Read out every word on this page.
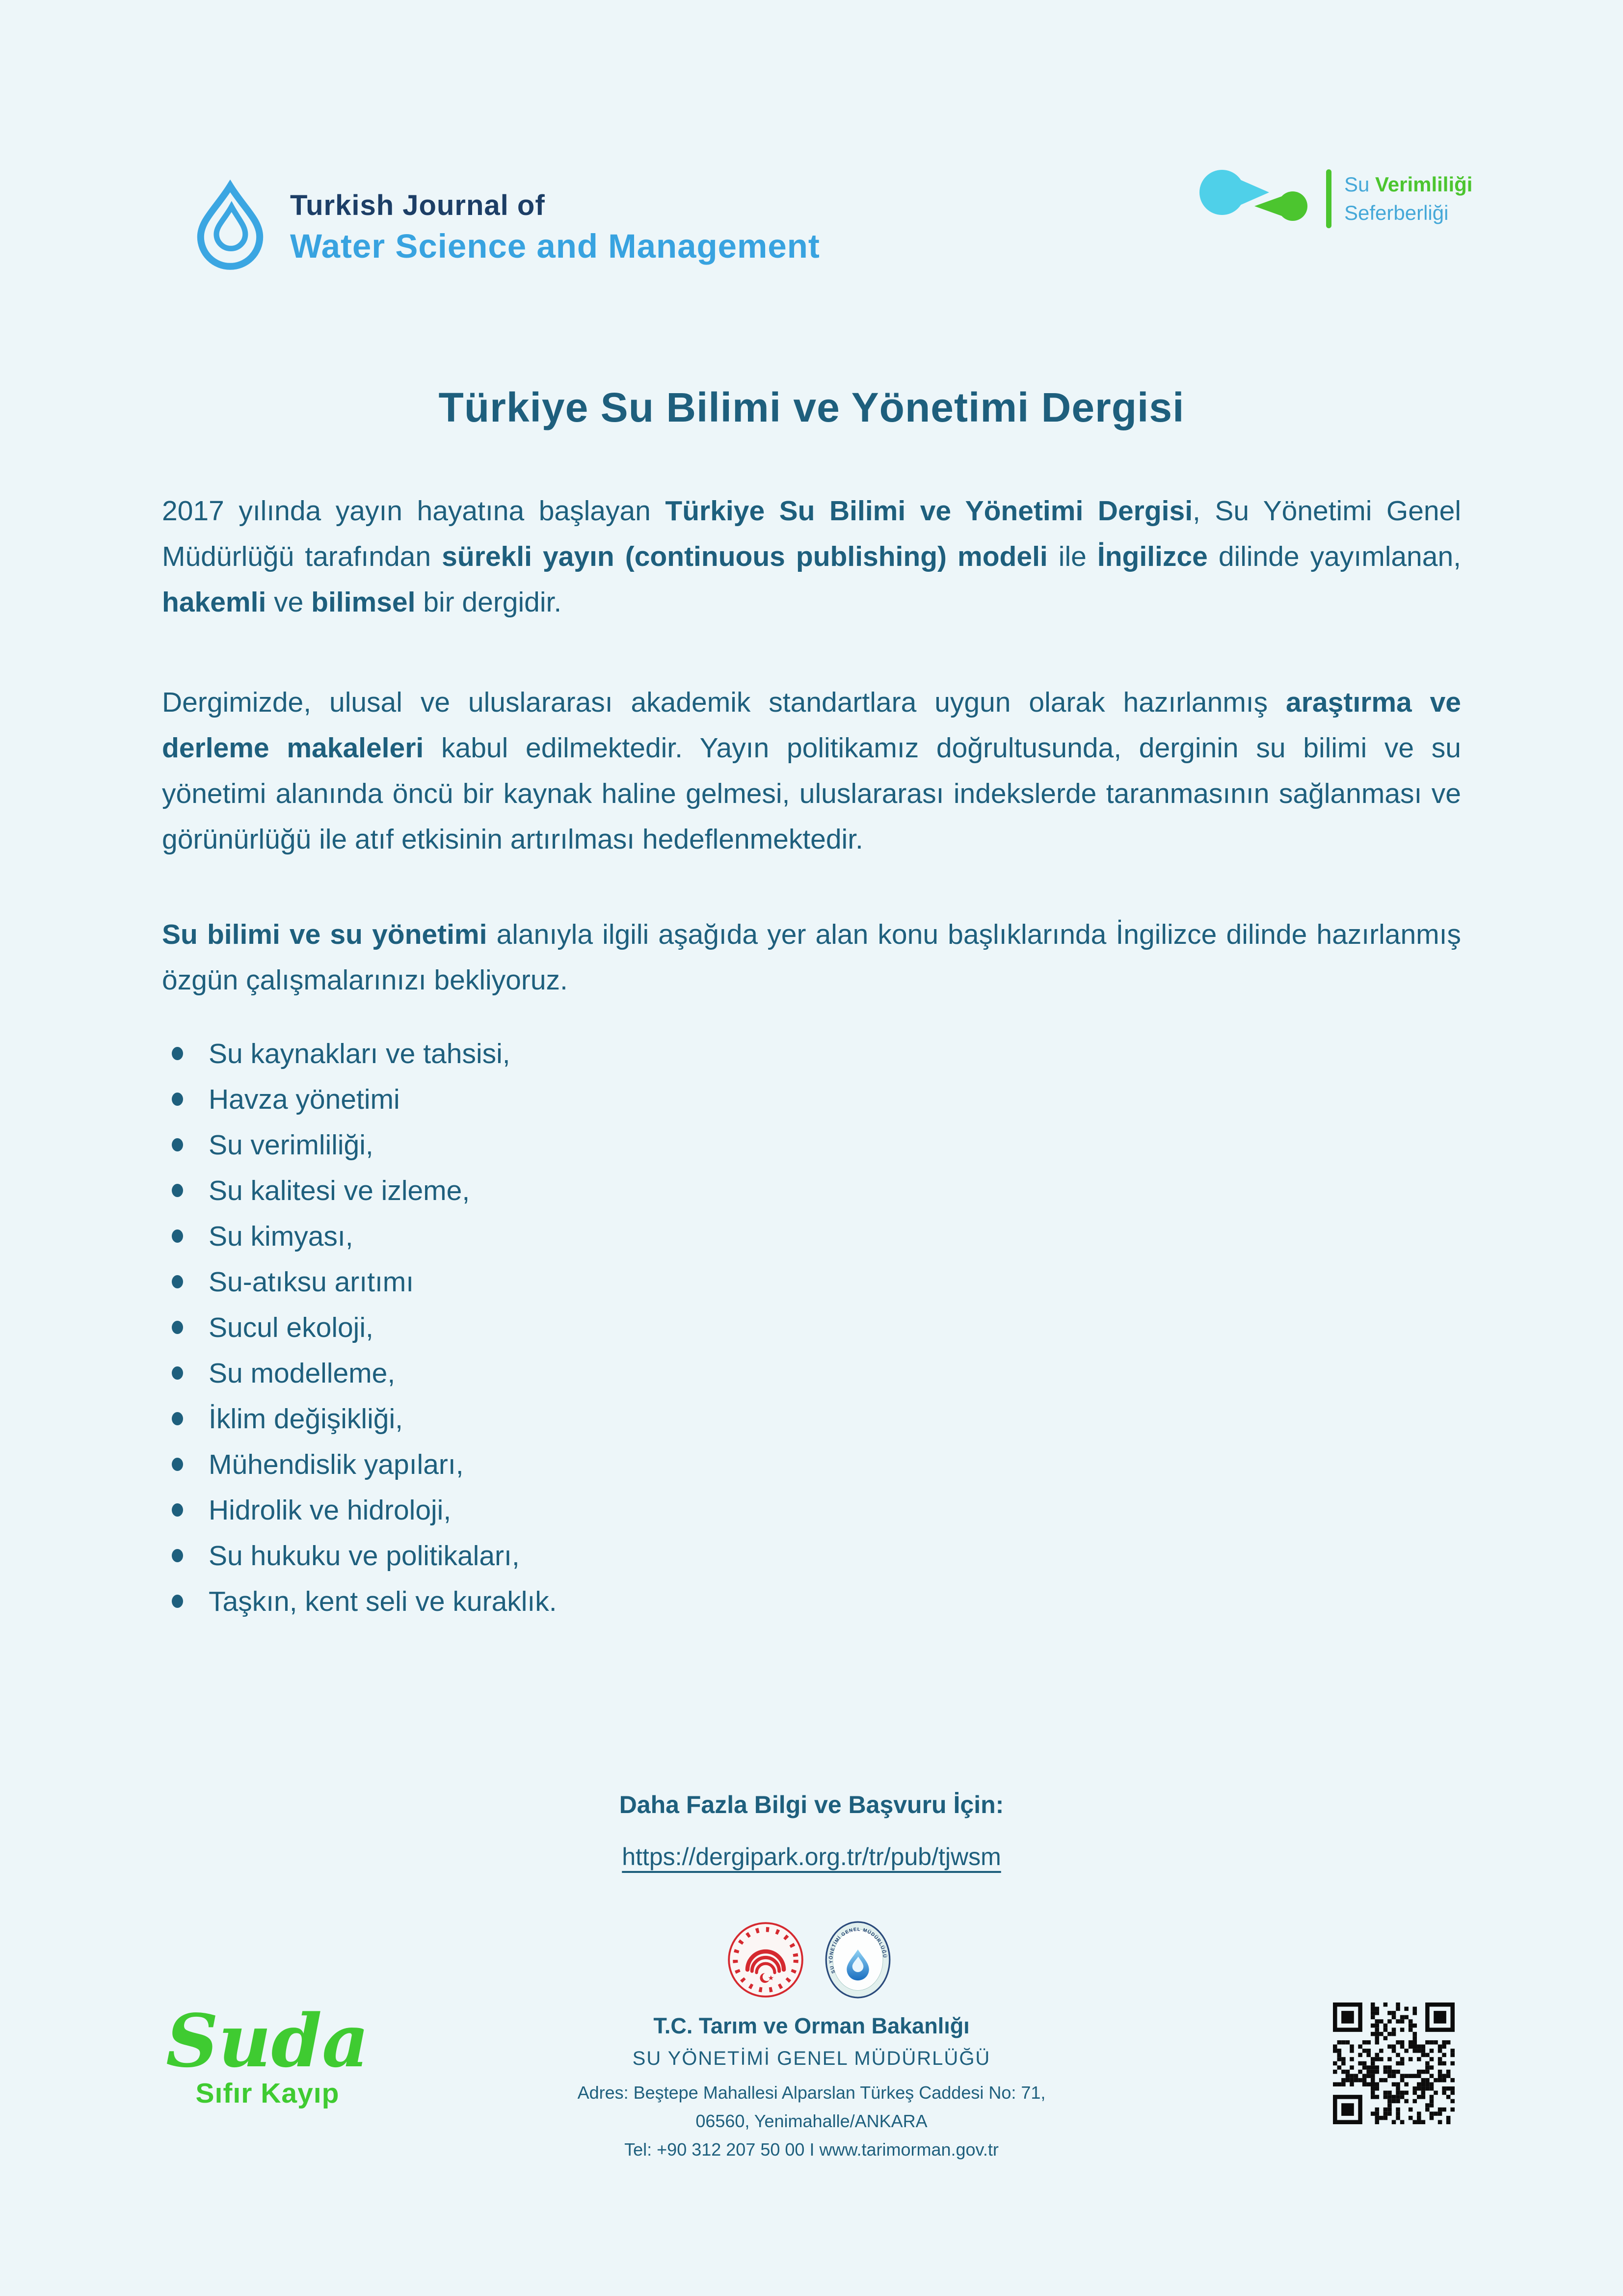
Turkish Journal of
Water Science and Management
Su Verimliliği
Seferberliği
Türkiye Su Bilimi ve Yönetimi Dergisi

2017 yılında yayın hayatına başlayan Türkiye Su Bilimi ve Yönetimi Dergisi, Su Yönetimi Genel Müdürlüğü tarafından sürekli yayın (continuous publishing) modeli ile İngilizce dilinde yayımlanan, hakemli ve bilimsel bir dergidir.

Dergimizde, ulusal ve uluslararası akademik standartlara uygun olarak hazırlanmış araştırma ve derleme makaleleri kabul edilmektedir. Yayın politikamız doğrultusunda, derginin su bilimi ve su yönetimi alanında öncü bir kaynak haline gelmesi, uluslararası indekslerde taranmasının sağlanması ve görünürlüğü ile atıf etkisinin artırılması hedeflenmektedir.

Su bilimi ve su yönetimi alanıyla ilgili aşağıda yer alan konu başlıklarında İngilizce dilinde hazırlanmış özgün çalışmalarınızı bekliyoruz.

Su kaynakları ve tahsisi,
Havza yönetimi
Su verimliliği,
Su kalitesi ve izleme,
Su kimyası,
Su-atıksu arıtımı
Sucul ekoloji,
Su modelleme,
İklim değişikliği,
Mühendislik yapıları,
Hidrolik ve hidroloji,
Su hukuku ve politikaları,
Taşkın, kent seli ve kuraklık.
Daha Fazla Bilgi ve Başvuru İçin:

https://dergipark.org.tr/tr/pub/tjwsm
SU YÖNETİMİ GENEL MÜDÜRLÜĞÜ
T.C. Tarım ve Orman Bakanlığı
SU YÖNETİMİ GENEL MÜDÜRLÜĞÜ
Adres: Beştepe Mahallesi Alparslan Türkeş Caddesi No: 71,
06560, Yenimahalle/ANKARA
Tel: +90 312 207 50 00 I www.tarimorman.gov.tr
Suda
Sıfır Kayıp
